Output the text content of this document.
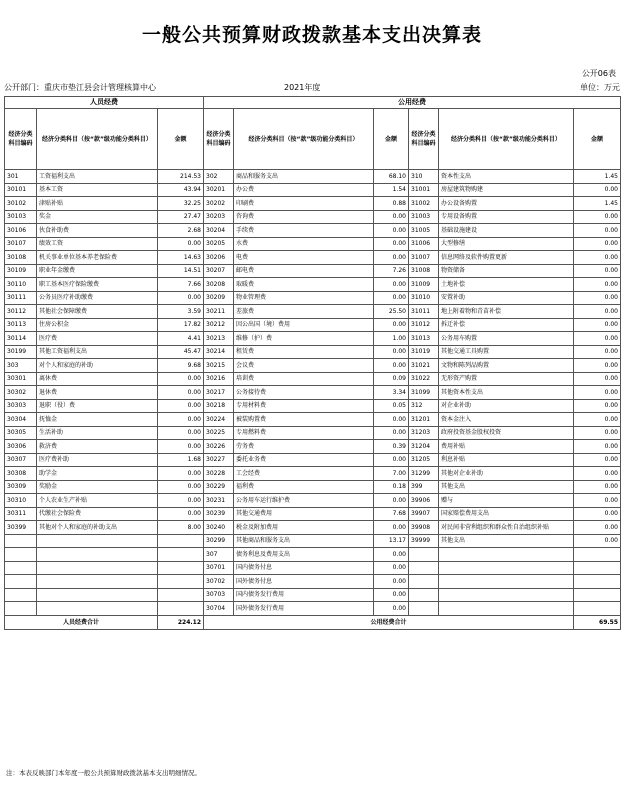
一般公共预算财政拨款基本支出决算表
公开06表
公开部门：重庆市垫江县会计管理核算中心	2021年度	单位：万元
人员经费			公用经费					
经济分类科目编码	经济分类科目（按“款”级功能分类科目）	金额	经济分类科目编码	经济分类科目（按“款”级功能分类科目）	金额	经济分类科目编码	经济分类科目（按“款”级功能分类科目）	金额
301	工资福利支出	214.53	302	商品和服务支出	68.10	310	资本性支出	1.45
30101	基本工资	43.94	30201	办公费	1.54	31001	房屋建筑物购建	0.00
30102	津贴补贴	32.25	30202	印刷费	0.88	31002	办公设备购置	1.45
30103	奖金	27.47	30203	咨询费	0.00	31003	专用设备购置	0.00
30106	伙食补助费	2.68	30204	手续费	0.00	31005	基础设施建设	0.00
30107	绩效工资	0.00	30205	水费	0.00	31006	大型修缮	0.00
30108	机关事业单位基本养老保险费	14.63	30206	电费	0.00	31007	信息网络及软件购置更新	0.00
30109	职业年金缴费	14.51	30207	邮电费	7.26	31008	物资储备	0.00
30110	职工基本医疗保险缴费	7.66	30208	取暖费	0.00	31009	土地补偿	0.00
30111	公务员医疗补助缴费	0.00	30209	物业管理费	0.00	31010	安置补助	0.00
30112	其他社会保障缴费	3.59	30211	差旅费	25.50	31011	地上附着物和青苗补偿	0.00
30113	住房公积金	17.82	30212	因公出国（境）费用	0.00	31012	拆迁补偿	0.00
30114	医疗费	4.41	30213	维修（护）费	1.00	31013	公务用车购置	0.00
30199	其他工资福利支出	45.47	30214	租赁费	0.00	31019	其他交通工具购置	0.00
303	对个人和家庭的补助	9.68	30215	会议费	0.00	31021	文物和陈列品购置	0.00
30301	离休费	0.00	30216	培训费	0.09	31022	无形资产购置	0.00
30302	退休费	0.00	30217	公务接待费	3.34	31099	其他资本性支出	0.00
30303	退职（役）费	0.00	30218	专用材料费	0.05	312	对企业补助	0.00
30304	抚恤金	0.00	30224	被装购置费	0.00	31201	资本金注入	0.00
30305	生活补助	0.00	30225	专用燃料费	0.00	31203	政府投资基金股权投资	0.00
30306	救济费	0.00	30226	劳务费	0.39	31204	费用补贴	0.00
30307	医疗费补助	1.68	30227	委托业务费	0.00	31205	利息补贴	0.00
30308	助学金	0.00	30228	工会经费	7.00	31299	其他对企业补助	0.00
30309	奖励金	0.00	30229	福利费	0.18	399	其他支出	0.00
30310	个人农业生产补贴	0.00	30231	公务用车运行维护费	0.00	39906	赠与	0.00
30311	代缴社会保险费	0.00	30239	其他交通费用	7.68	39907	国家赔偿费用支出	0.00
30399	其他对个人和家庭的补助支出	8.00	30240	税金及附加费用	0.00	39908	对民间非营利组织和群众性自治组织补贴	0.00
			30299	其他商品和服务支出	13.17	39999	其他支出	0.00
			307	债务利息及费用支出	0.00			
			30701	国内债务付息	0.00			
			30702	国外债务付息	0.00			
			30703	国内债务发行费用	0.00			
			30704	国外债务发行费用	0.00			
人员经费合计		224.12	公用经费合计					69.55
注：本表反映部门本年度一般公共预算财政拨款基本支出明细情况。
